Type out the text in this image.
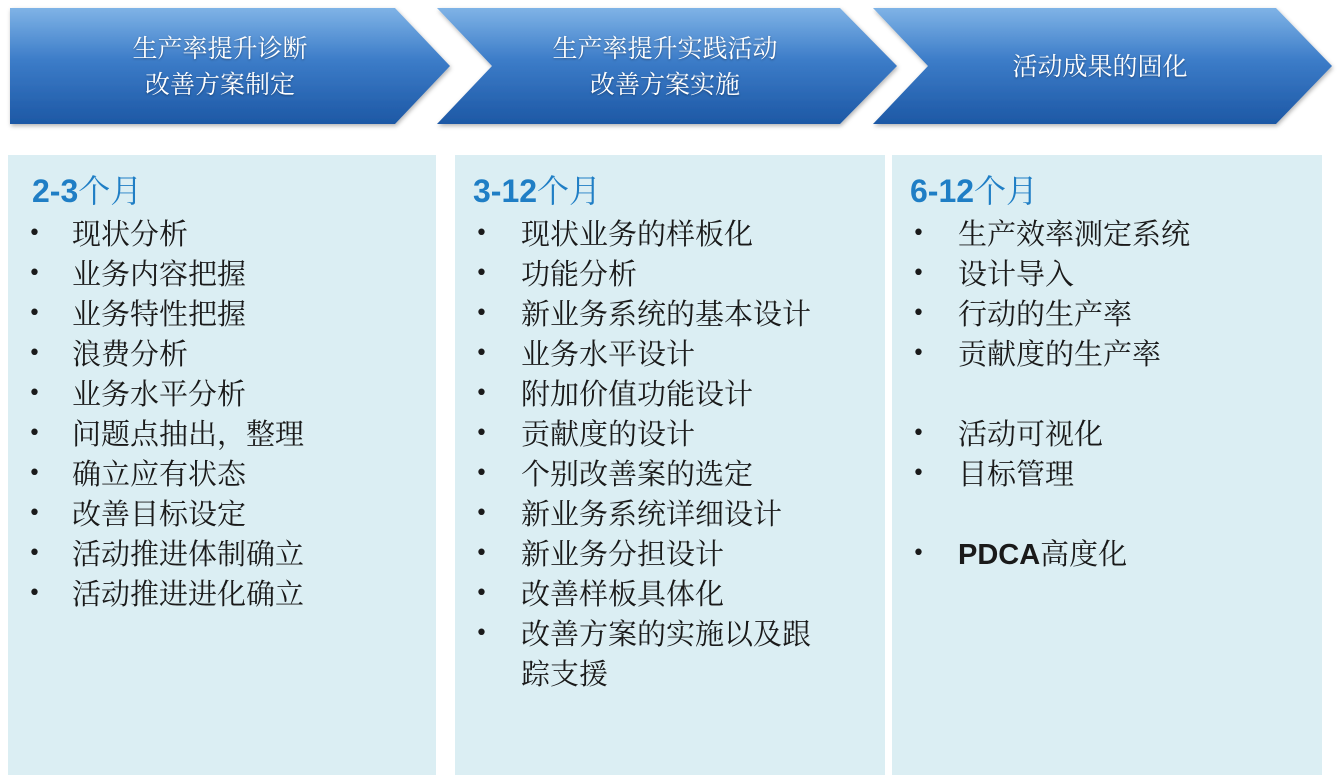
生产率提升诊断
改善方案制定
生产率提升实践活动
改善方案实施
活动成果的固化
2-3个月
• 现状分析
• 业务内容把握
• 业务特性把握
• 浪费分析
• 业务水平分析
• 问题点抽出，整理
• 确立应有状态
• 改善目标设定
• 活动推进体制确立
• 活动推进进化确立
3-12个月
• 现状业务的样板化
• 功能分析
• 新业务系统的基本设计
• 业务水平设计
• 附加价值功能设计
• 贡献度的设计
• 个别改善案的选定
• 新业务系统详细设计
• 新业务分担设计
• 改善样板具体化
• 改善方案的实施以及跟
踪支援
6-12个月
• 生产效率测定系统
• 设计导入
• 行动的生产率
• 贡献度的生产率
• 活动可视化
• 目标管理
• PDCA高度化
